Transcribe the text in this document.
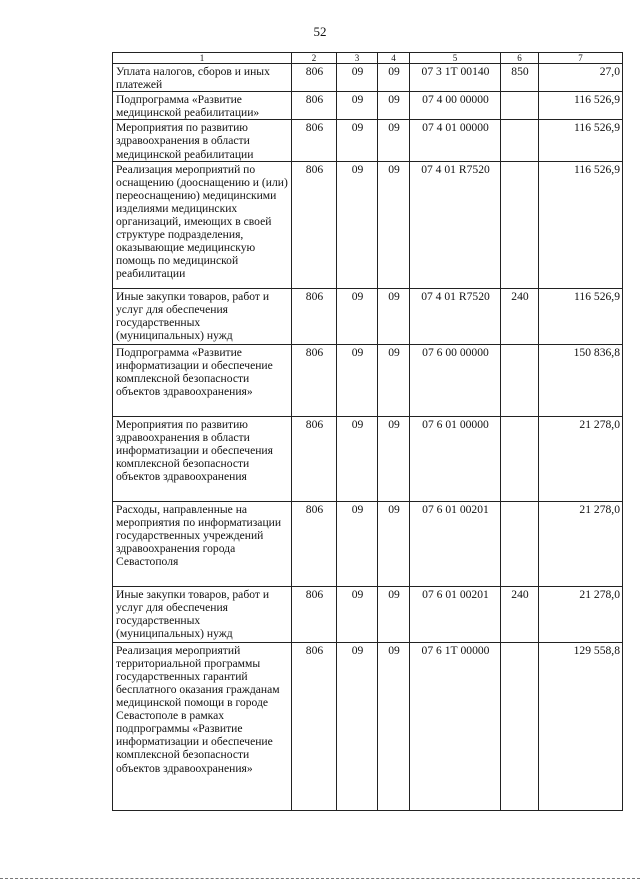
52
1	2	3	4	5	6	7
Уплата налогов, сборов и иных платежей	806	09	09	07 3 1Т 00140	850	27,0
Подпрограмма «Развитие медицинской реабилитации»	806	09	09	07 4 00 00000		116 526,9
Мероприятия по развитию здравоохранения в области медицинской реабилитации	806	09	09	07 4 01 00000		116 526,9
Реализация мероприятий по оснащению (дооснащению и (или) переоснащению) медицинскими изделиями медицинских организаций, имеющих в своей структуре подразделения, оказывающие медицинскую помощь по медицинской реабилитации	806	09	09	07 4 01 R7520		116 526,9
Иные закупки товаров, работ и услуг для обеспечения государственных (муниципальных) нужд	806	09	09	07 4 01 R7520	240	116 526,9
Подпрограмма «Развитие информатизации и обеспечение комплексной безопасности объектов здравоохранения»	806	09	09	07 6 00 00000		150 836,8
Мероприятия по развитию здравоохранения в области информатизации и обеспечения комплексной безопасности объектов здравоохранения	806	09	09	07 6 01 00000		21 278,0
Расходы, направленные на мероприятия по информатизации государственных учреждений здравоохранения города Севастополя	806	09	09	07 6 01 00201		21 278,0
Иные закупки товаров, работ и услуг для обеспечения государственных (муниципальных) нужд	806	09	09	07 6 01 00201	240	21 278,0
Реализация мероприятий территориальной программы государственных гарантий бесплатного оказания гражданам медицинской помощи в городе Севастополе в рамках подпрограммы «Развитие информатизации и обеспечение комплексной безопасности объектов здравоохранения»	806	09	09	07 6 1Т 00000		129 558,8
